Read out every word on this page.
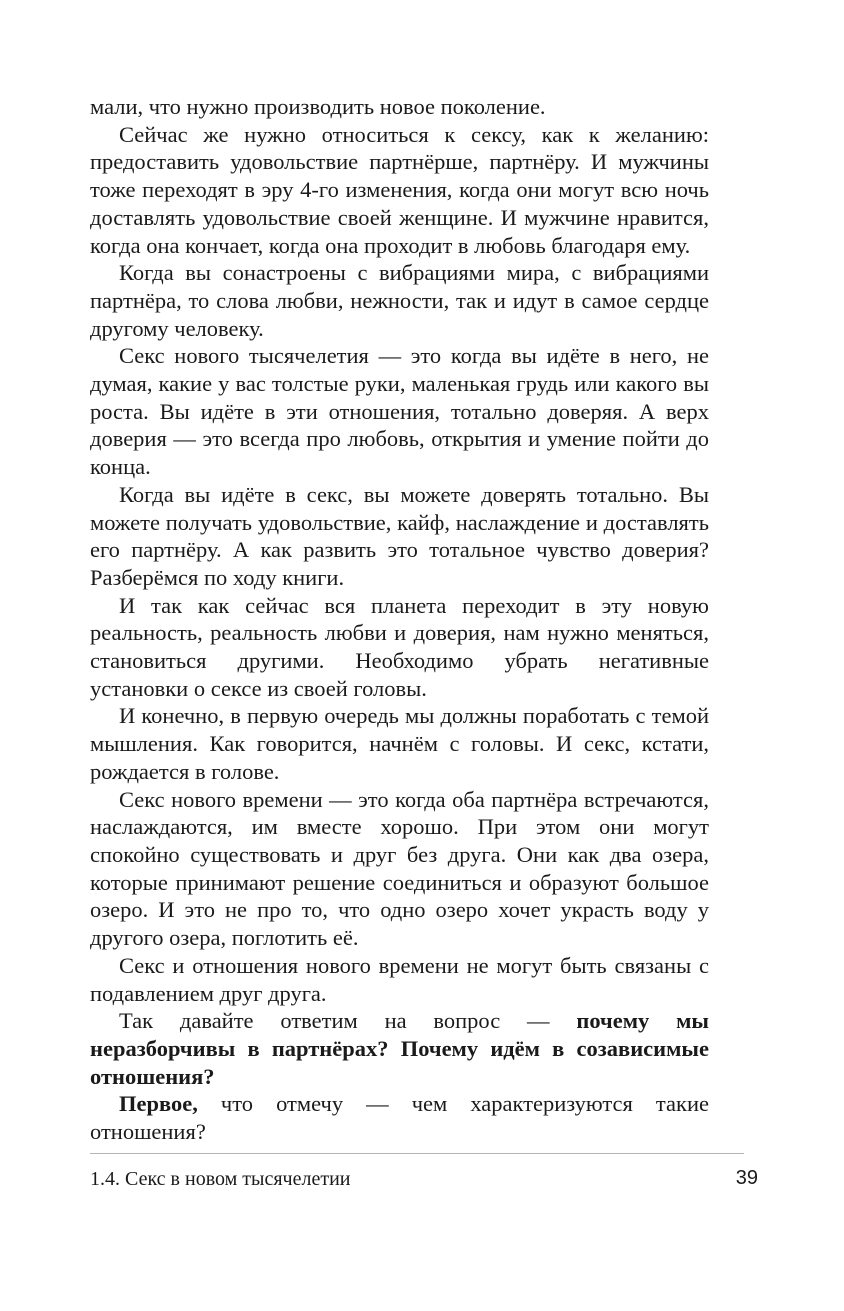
мали, что нужно производить новое поколение.

Сейчас же нужно относиться к сексу, как к желанию: предоставить удовольствие партнёрше, партнёру. И мужчины тоже переходят в эру 4-го изменения, когда они могут всю ночь доставлять удовольствие своей женщине. И мужчине нравится, когда она кончает, когда она проходит в любовь благодаря ему.

Когда вы сонастроены с вибрациями мира, с вибрациями партнёра, то слова любви, нежности, так и идут в самое сердце другому человеку.

Секс нового тысячелетия — это когда вы идёте в него, не думая, какие у вас толстые руки, маленькая грудь или какого вы роста. Вы идёте в эти отношения, тотально доверяя. А верх доверия — это всегда про любовь, открытия и умение пойти до конца.

Когда вы идёте в секс, вы можете доверять тотально. Вы можете получать удовольствие, кайф, наслаждение и доставлять его партнёру. А как развить это тотальное чувство доверия? Разберёмся по ходу книги.

И так как сейчас вся планета переходит в эту новую реальность, реальность любви и доверия, нам нужно меняться, становиться другими. Необходимо убрать негативные установки о сексе из своей головы.

И конечно, в первую очередь мы должны поработать с темой мышления. Как говорится, начнём с головы. И секс, кстати, рождается в голове.

Секс нового времени — это когда оба партнёра встречаются, наслаждаются, им вместе хорошо. При этом они могут спокойно существовать и друг без друга. Они как два озера, которые принимают решение соединиться и образуют большое озеро. И это не про то, что одно озеро хочет украсть воду у другого озера, поглотить её.

Секс и отношения нового времени не могут быть связаны с подавлением друг друга.

Так давайте ответим на вопрос — почему мы неразборчивы в партнёрах? Почему идём в созависимые отношения?

Первое, что отмечу — чем характеризуются такие отношения?

1.4. Секс в новом тысячелетии	39
